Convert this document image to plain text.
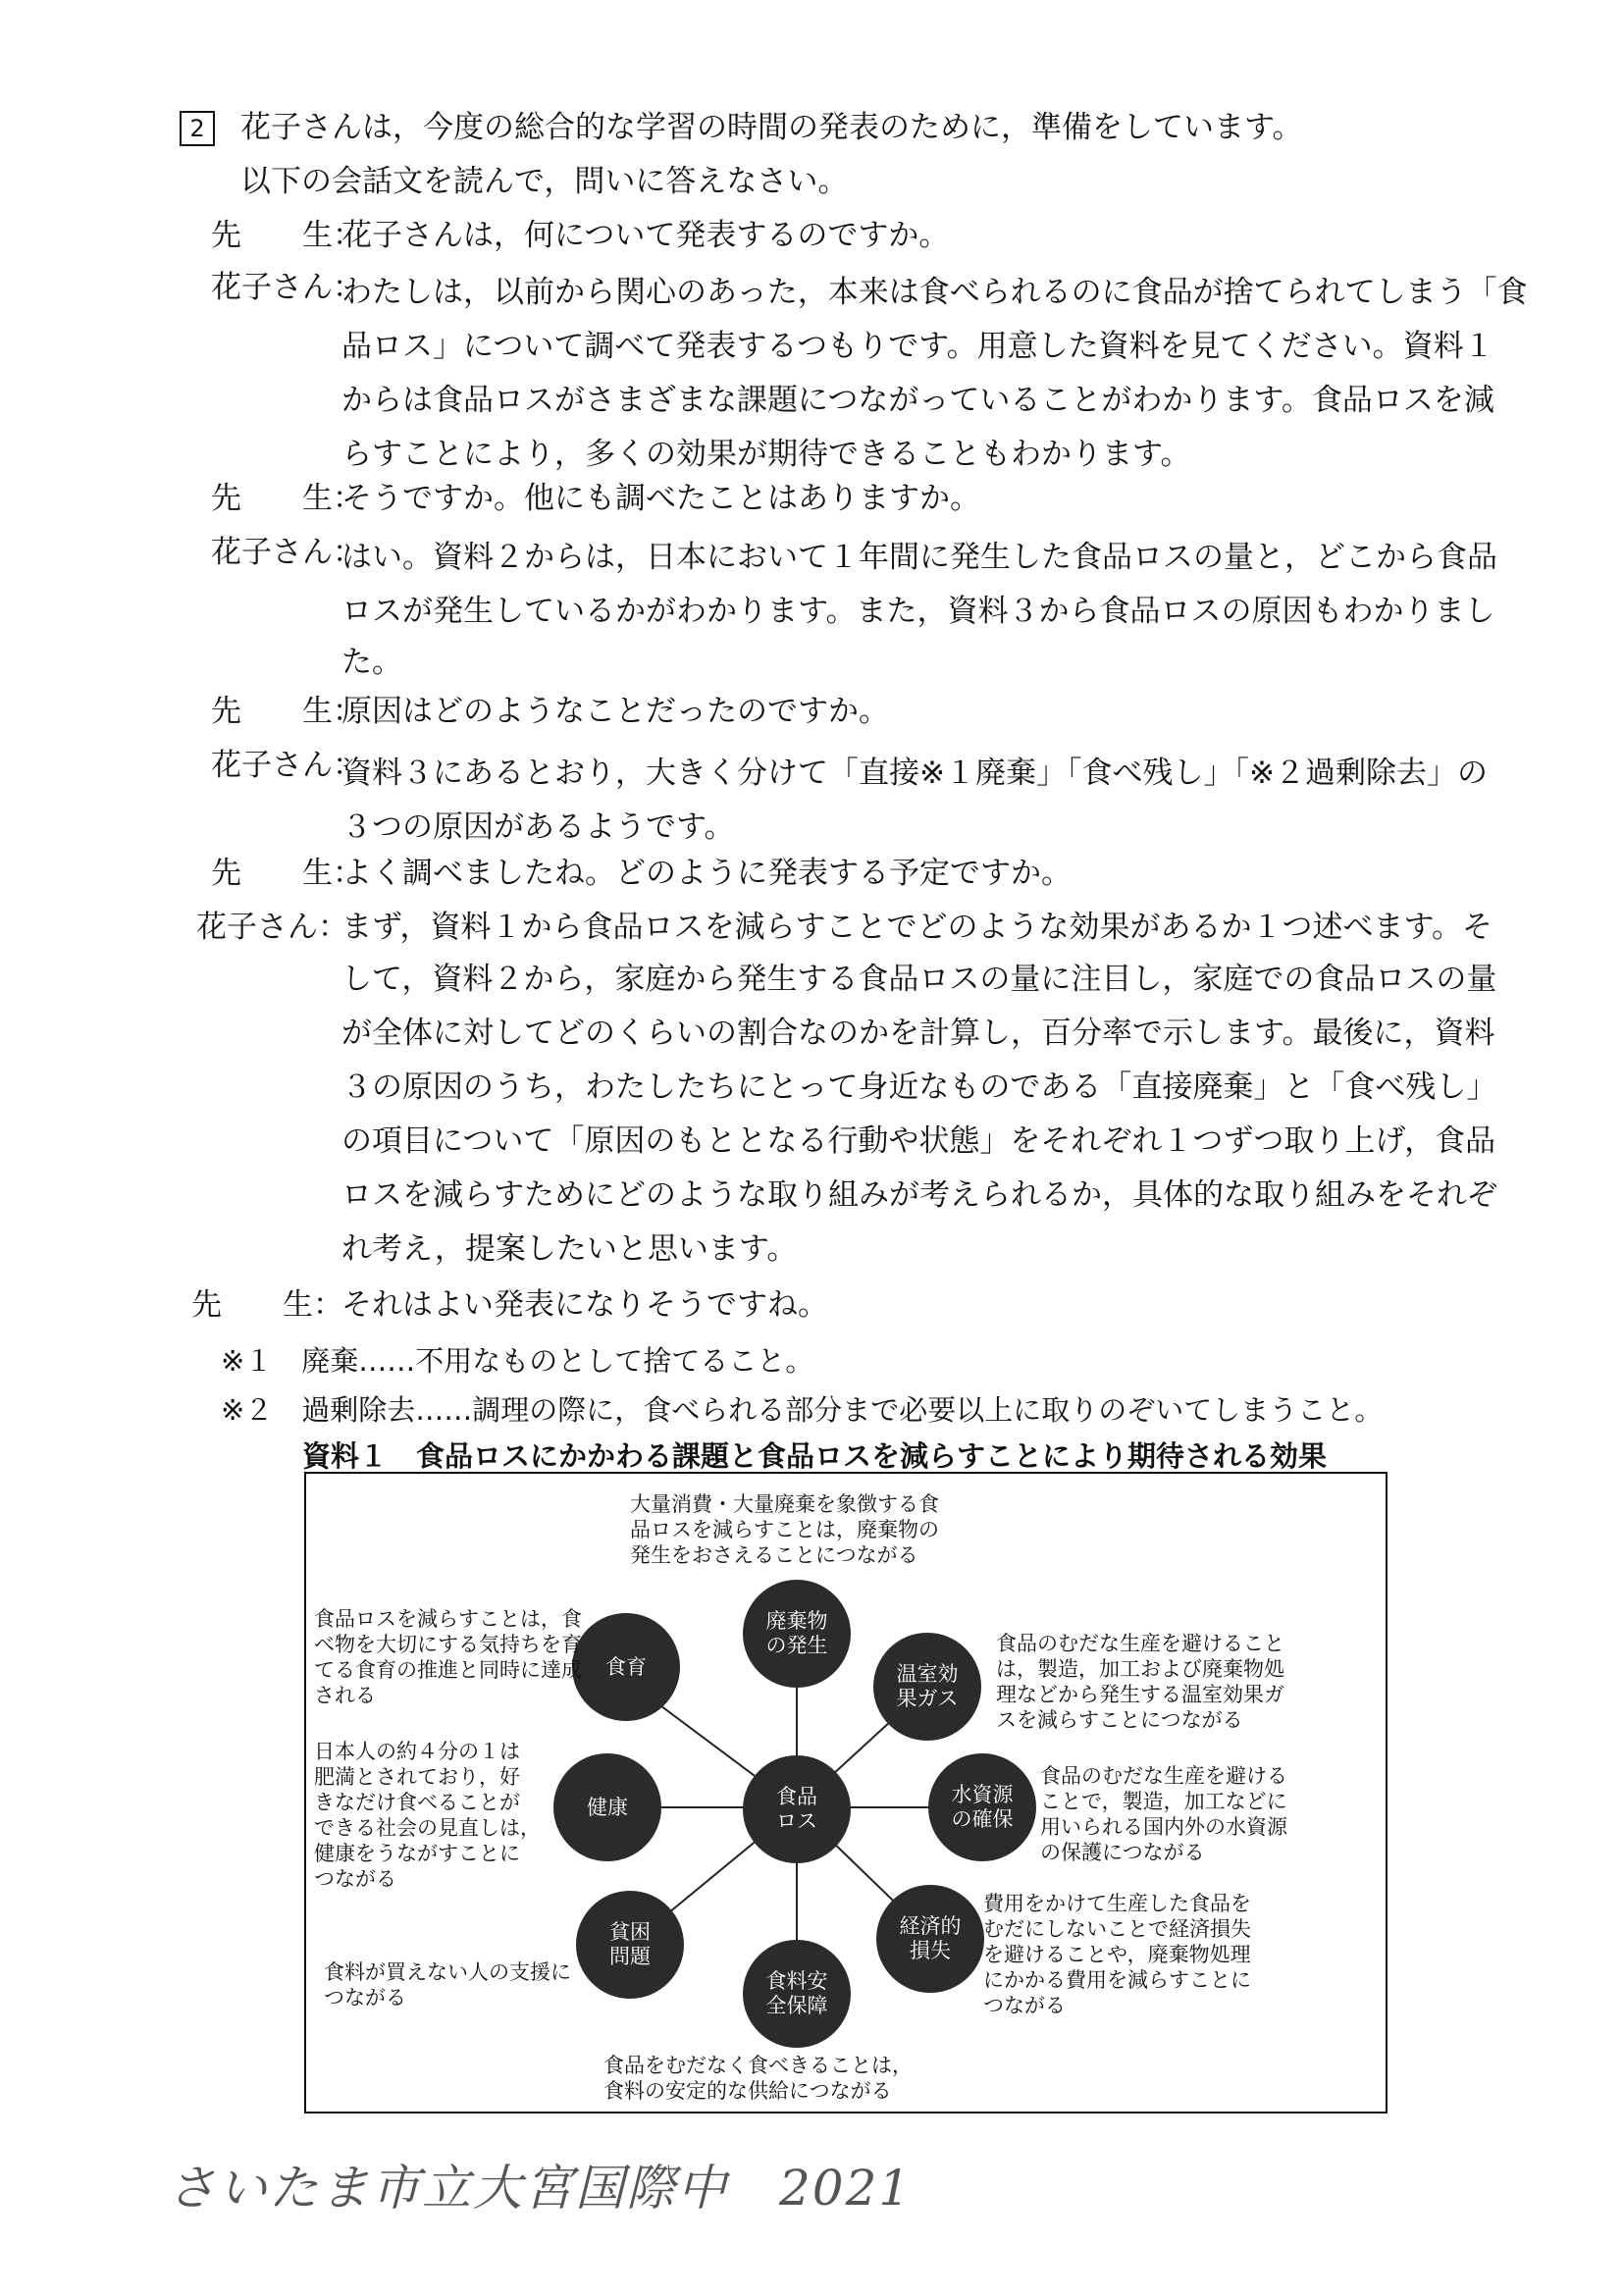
2	花子さんは，今度の総合的な学習の時間の発表のために，準備をしています。
以下の会話文を読んで，問いに答えなさい。
先　　生：
花子さんは，何について発表するのですか。
花子さん：
わたしは，以前から関心のあった，本来は食べられるのに食品が捨てられてしまう「食
品ロス」について調べて発表するつもりです。用意した資料を見てください。資料１
からは食品ロスがさまざまな課題につながっていることがわかります。食品ロスを減
らすことにより，多くの効果が期待できることもわかります。
先　　生：
そうですか。他にも調べたことはありますか。
花子さん：
はい。資料２からは，日本において１年間に発生した食品ロスの量と，どこから食品
ロスが発生しているかがわかります。また，資料３から食品ロスの原因もわかりまし
た。
先　　生：
原因はどのようなことだったのですか。
花子さん：
資料３にあるとおり，大きく分けて「直接※１廃棄」「食べ残し」「※２過剰除去」の
３つの原因があるようです。
先　　生：
よく調べましたね。どのように発表する予定ですか。
花子さん：
まず，資料１から食品ロスを減らすことでどのような効果があるか１つ述べます。そ
して，資料２から，家庭から発生する食品ロスの量に注目し，家庭での食品ロスの量
が全体に対してどのくらいの割合なのかを計算し，百分率で示します。最後に，資料
３の原因のうち，わたしたちにとって身近なものである「直接廃棄」と「食べ残し」
の項目について「原因のもととなる行動や状態」をそれぞれ１つずつ取り上げ，食品
ロスを減らすためにどのような取り組みが考えられるか，具体的な取り組みをそれぞ
れ考え，提案したいと思います。
先　　生：
それはよい発表になりそうですね。
※１　廃棄……不用なものとして捨てること。
※２　過剰除去……調理の際に，食べられる部分まで必要以上に取りのぞいてしまうこと。
資料１　食品ロスにかかわる課題と食品ロスを減らすことにより期待される効果
食品
ロス
廃棄物
の発生
温室効
果ガス
水資源
の確保
経済的
損失
食料安
全保障
貧困
問題
健康
食育
大量消費・大量廃棄を象徴する食
品ロスを減らすことは，廃棄物の
発生をおさえることにつながる
食品のむだな生産を避けること
は，製造，加工および廃棄物処
理などから発生する温室効果ガ
スを減らすことにつながる
食品のむだな生産を避ける
ことで，製造，加工などに
用いられる国内外の水資源
の保護につながる
費用をかけて生産した食品を
むだにしないことで経済損失
を避けることや，廃棄物処理
にかかる費用を減らすことに
つながる
食品をむだなく食べきることは，
食料の安定的な供給につながる
食料が買えない人の支援に
つながる
日本人の約４分の１は
肥満とされており，好
きなだけ食べることが
できる社会の見直しは，
健康をうながすことに
つながる
食品ロスを減らすことは，食
べ物を大切にする気持ちを育
てる食育の推進と同時に達成
される
さいたま市立大宮国際中　2021
